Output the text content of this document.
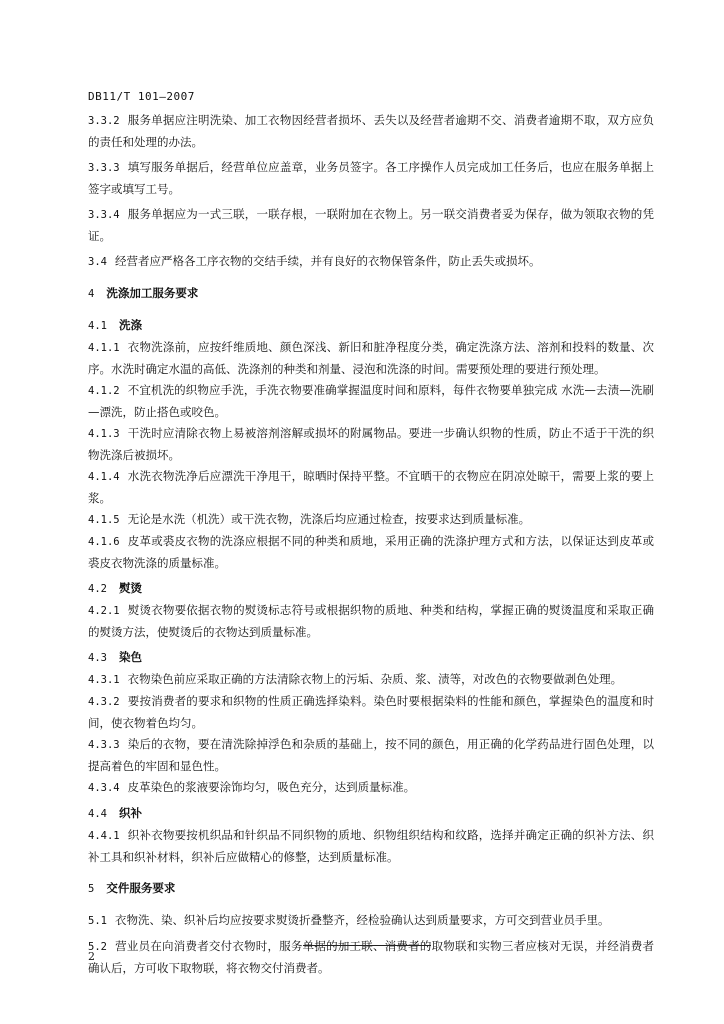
DB11/T 101—2007

3.3.2 服务单据应注明洗染、加工衣物因经营者损坏、丢失以及经营者逾期不交、消费者逾期不取，双方应负的责任和处理的办法。

3.3.3 填写服务单据后，经营单位应盖章，业务员签字。各工序操作人员完成加工任务后，也应在服务单据上签字或填写工号。

3.3.4 服务单据应为一式三联，一联存根，一联附加在衣物上。另一联交消费者妥为保存，做为领取衣物的凭证。

3.4 经营者应严格各工序衣物的交结手续，并有良好的衣物保管条件，防止丢失或损坏。

4 洗涤加工服务要求

4.1 洗涤

4.1.1 衣物洗涤前，应按纤维质地、颜色深浅、新旧和脏净程度分类，确定洗涤方法、溶剂和投料的数量、次序。水洗时确定水温的高低、洗涤剂的种类和剂量、浸泡和洗涤的时间。需要预处理的要进行预处理。

4.1.2 不宜机洗的织物应手洗，手洗衣物要准确掌握温度时间和原料，每件衣物要单独完成 水洗—去渍—洗刷—漂洗，防止搭色或咬色。

4.1.3 干洗时应清除衣物上易被溶剂溶解或损坏的附属物品。要进一步确认织物的性质，防止不适于干洗的织物洗涤后被损坏。

4.1.4 水洗衣物洗净后应漂洗干净甩干，晾晒时保持平整。不宜晒干的衣物应在阴凉处晾干，需要上浆的要上浆。

4.1.5 无论是水洗（机洗）或干洗衣物，洗涤后均应通过检查，按要求达到质量标准。

4.1.6 皮革或裘皮衣物的洗涤应根据不同的种类和质地，采用正确的洗涤护理方式和方法，以保证达到皮革或裘皮衣物洗涤的质量标准。

4.2 熨烫

4.2.1 熨烫衣物要依据衣物的熨烫标志符号或根据织物的质地、种类和结构，掌握正确的熨烫温度和采取正确的熨烫方法，使熨烫后的衣物达到质量标准。

4.3 染色

4.3.1 衣物染色前应采取正确的方法清除衣物上的污垢、杂质、浆、渍等，对改色的衣物要做剥色处理。

4.3.2 要按消费者的要求和织物的性质正确选择染料。染色时要根据染料的性能和颜色，掌握染色的温度和时间，使衣物着色均匀。

4.3.3 染后的衣物，要在清洗除掉浮色和杂质的基础上，按不同的颜色，用正确的化学药品进行固色处理，以提高着色的牢固和显色性。

4.3.4 皮革染色的浆液要涂饰均匀，吸色充分，达到质量标准。

4.4 织补

4.4.1 织补衣物要按机织品和针织品不同织物的质地、织物组织结构和纹路，选择并确定正确的织补方法、织补工具和织补材料，织补后应做精心的修整，达到质量标准。

5 交件服务要求

5.1 衣物洗、染、织补后均应按要求熨烫折叠整齐，经检验确认达到质量要求，方可交到营业员手里。

5.2 营业员在向消费者交付衣物时，服务单据的加工联、消费者的取物联和实物三者应核对无误，并经消费者确认后，方可收下取物联，将衣物交付消费者。

2
